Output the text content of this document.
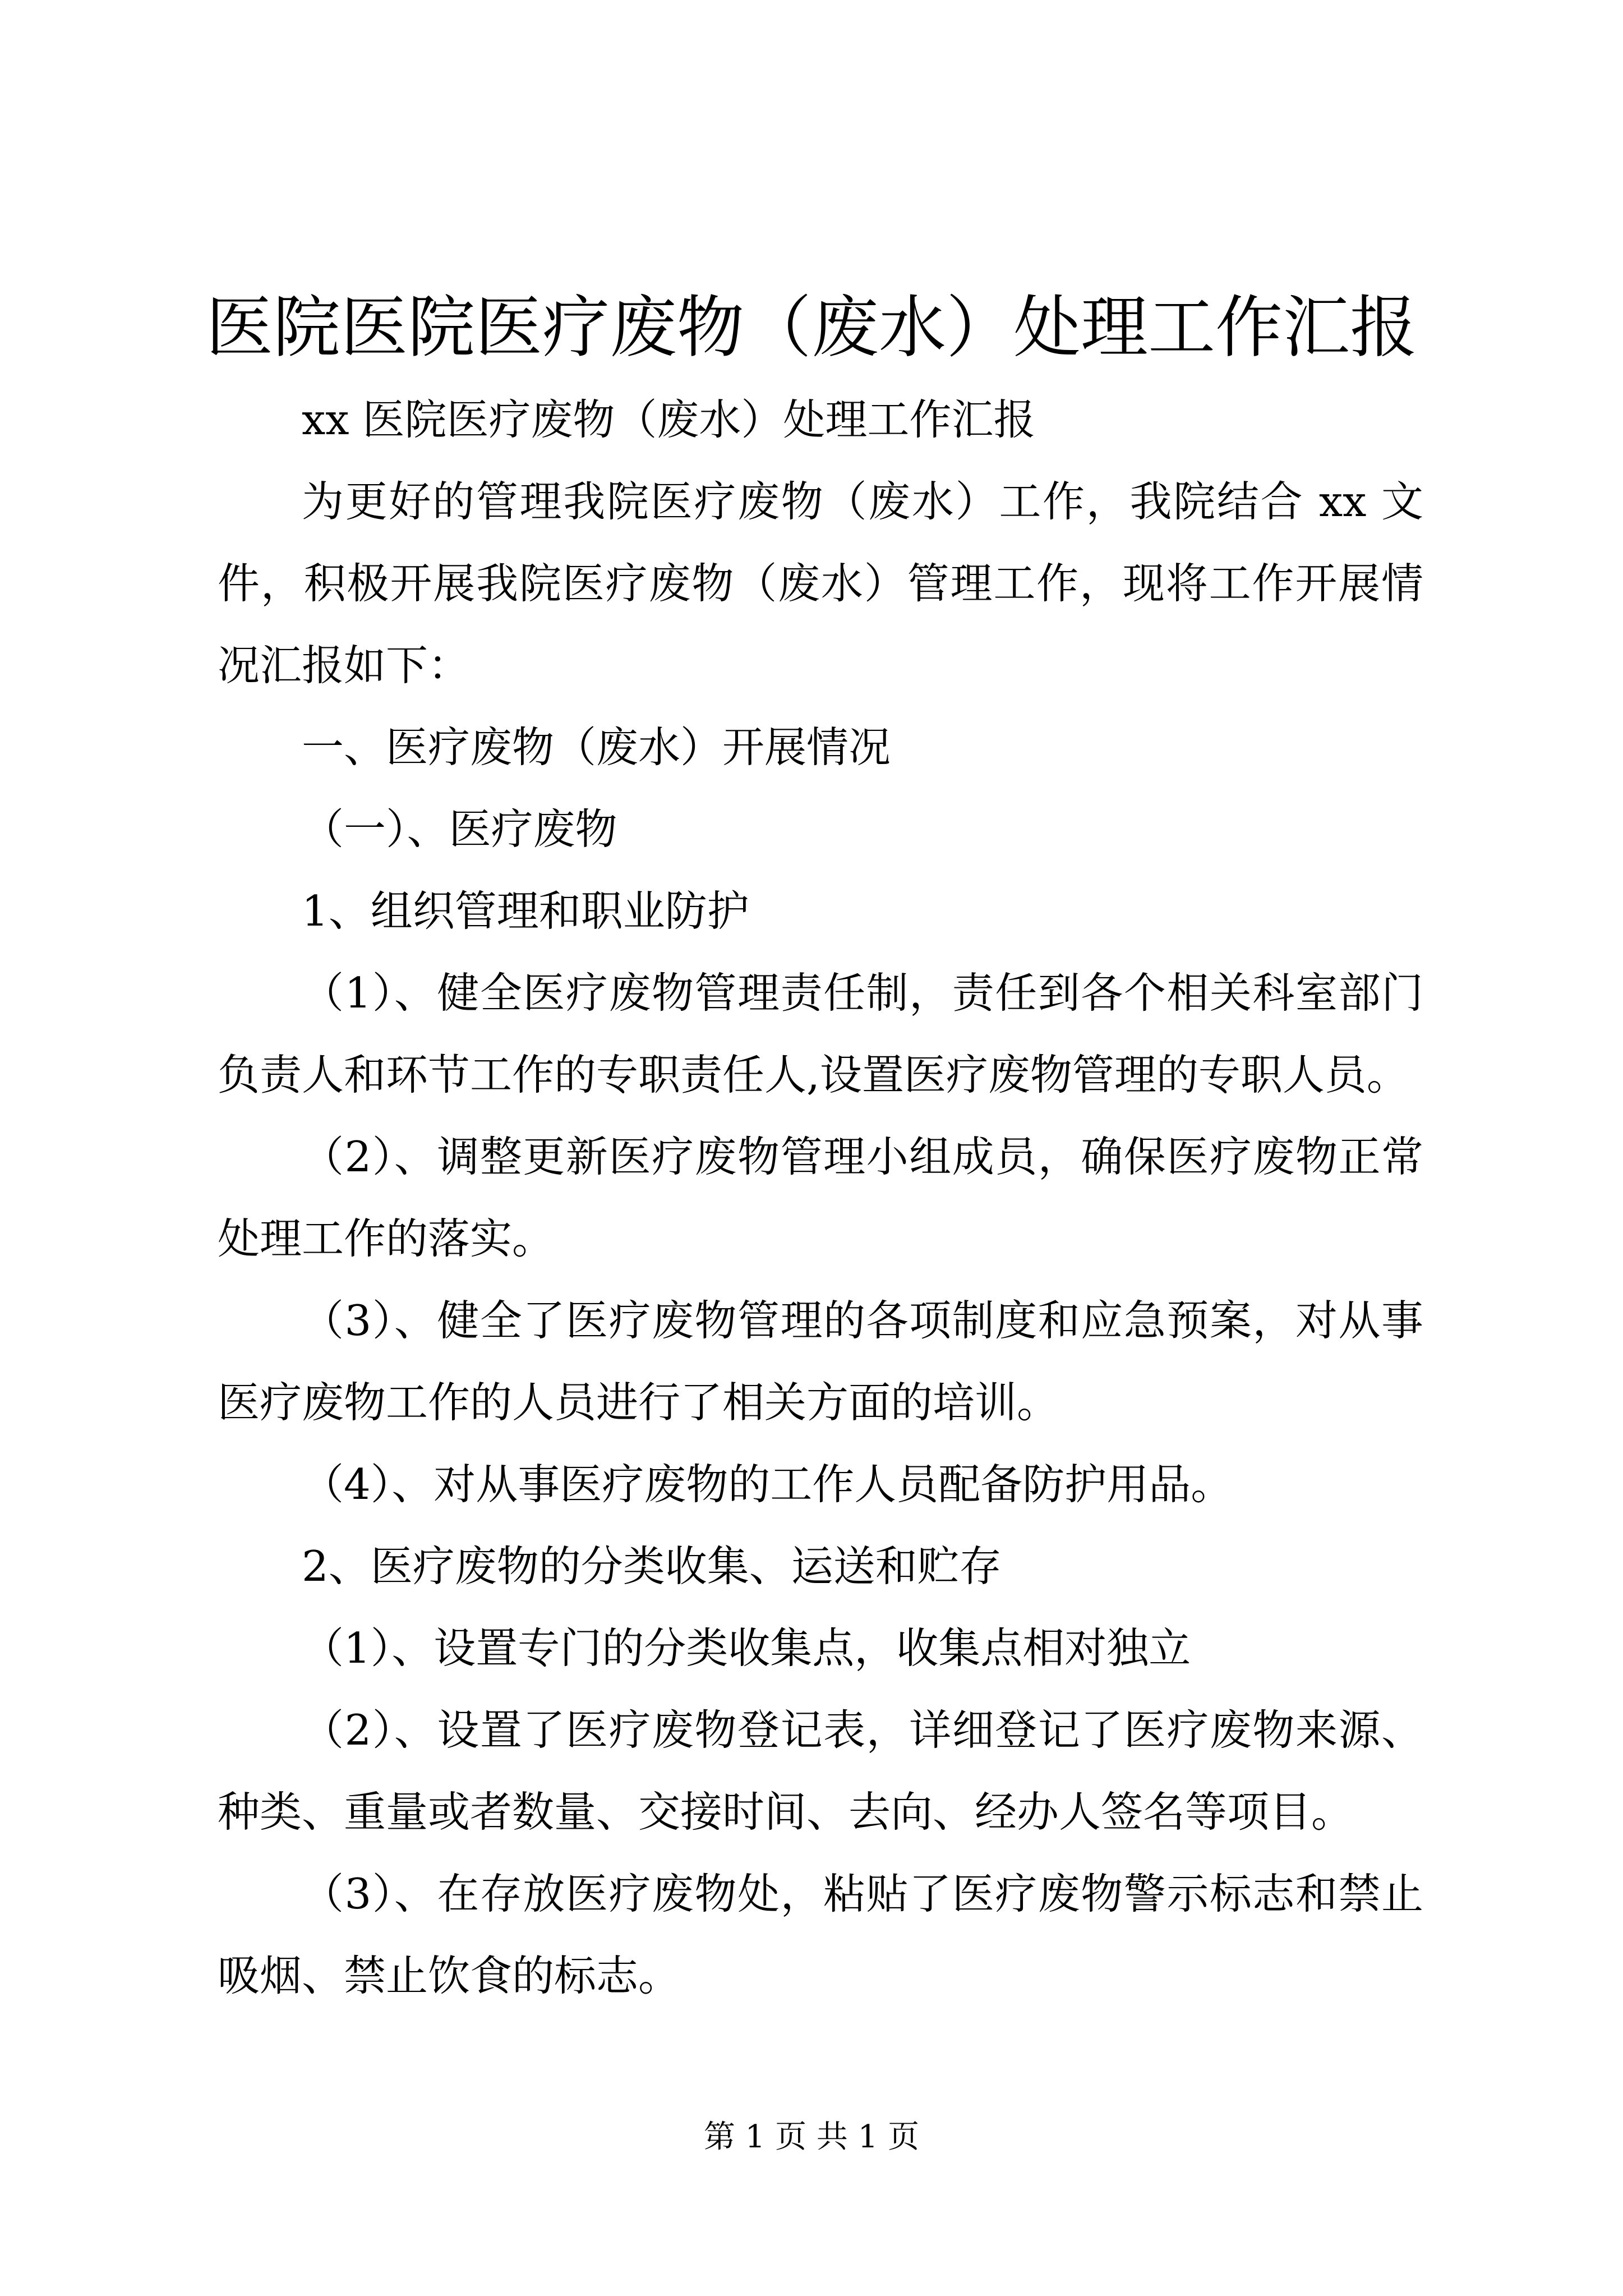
医院医院医疗废物（废水）处理工作汇报

xx 医院医疗废物（废水）处理工作汇报

为更好的管理我院医疗废物（废水）工作，我院结合 xx 文件，积极开展我院医疗废物（废水）管理工作，现将工作开展情况汇报如下：

一、医疗废物（废水）开展情况

（一）、医疗废物

1、组织管理和职业防护

（1）、健全医疗废物管理责任制，责任到各个相关科室部门负责人和环节工作的专职责任人,设置医疗废物管理的专职人员。

（2）、调整更新医疗废物管理小组成员，确保医疗废物正常处理工作的落实。

（3）、健全了医疗废物管理的各项制度和应急预案，对从事医疗废物工作的人员进行了相关方面的培训。

（4）、对从事医疗废物的工作人员配备防护用品。

2、医疗废物的分类收集、运送和贮存

（1）、设置专门的分类收集点，收集点相对独立

（2）、设置了医疗废物登记表，详细登记了医疗废物来源、种类、重量或者数量、交接时间、去向、经办人签名等项目。

（3）、在存放医疗废物处，粘贴了医疗废物警示标志和禁止吸烟、禁止饮食的标志。

第 1 页 共 1 页
